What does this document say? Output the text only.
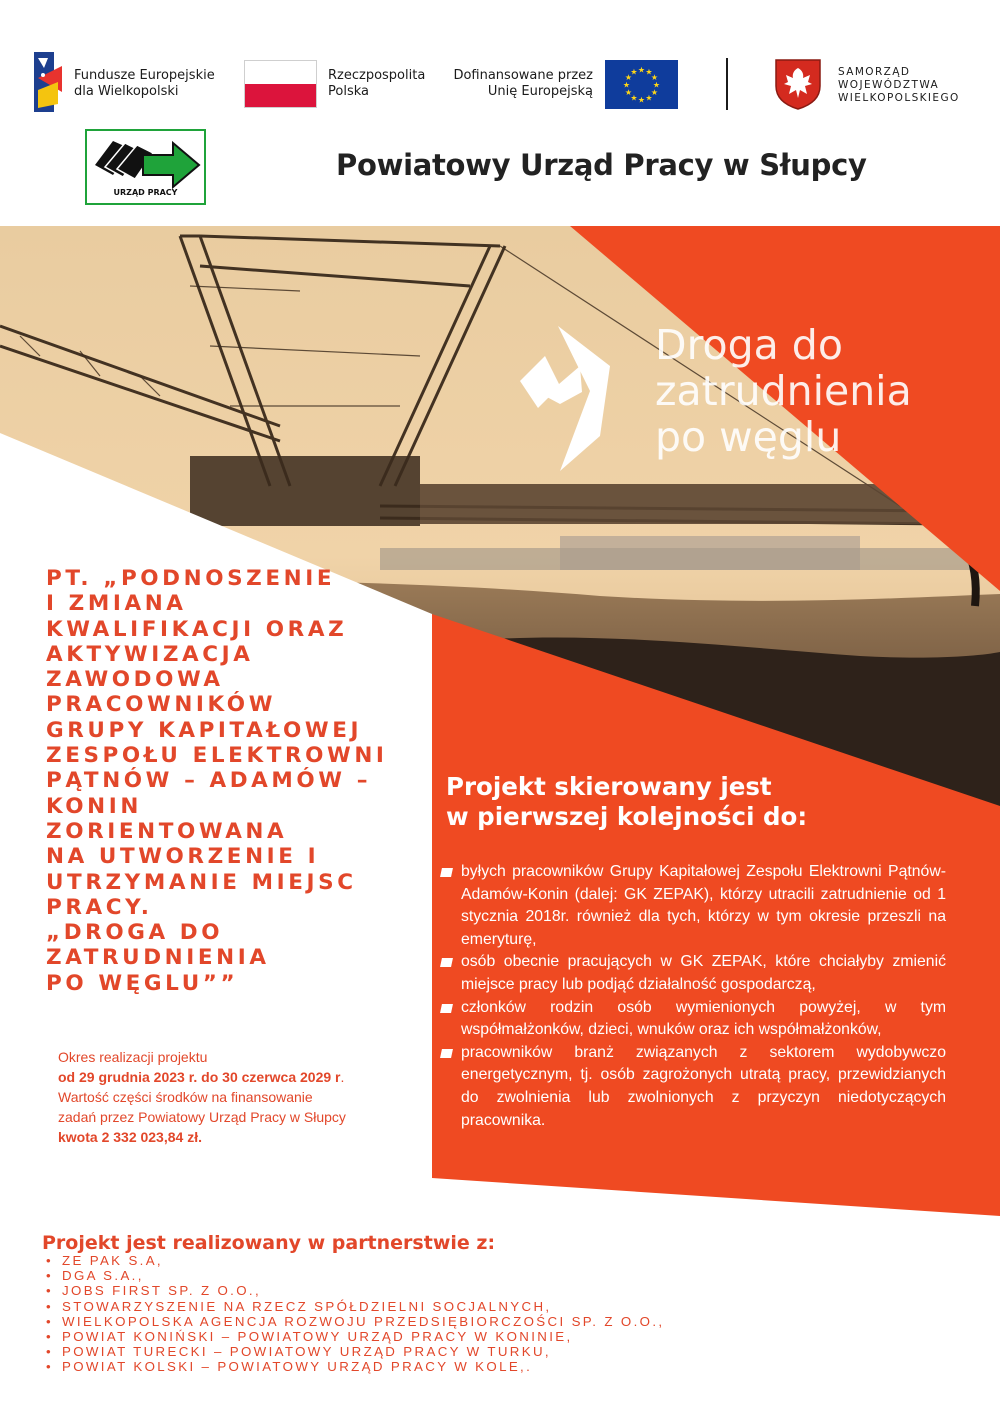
Fundusze Europejskie
dla Wielkopolski
Rzeczpospolita
Polska
Dofinansowane przez
Unię Europejską	★
★
★
★
★
★
★
★
★ ★ ★
★	SAMORZĄD
WOJEWÓDZTWA
WIELKOPOLSKIEGO
URZĄD PRACY
Powiatowy Urząd Pracy w Słupcy
Droga do
zatrudnienia
po węglu
PT. „PODNOSZENIE
I ZMIANA
KWALIFIKACJI ORAZ
AKTYWIZACJA
ZAWODOWA
PRACOWNIKÓW
GRUPY KAPITAŁOWEJ
ZESPOŁU ELEKTROWNI
PĄTNÓW – ADAMÓW –
KONIN
ZORIENTOWANA
NA UTWORZENIE I
UTRZYMANIE MIEJSC
PRACY.
„DROGA DO
ZATRUDNIENIA
PO WĘGLU””
Okres realizacji projektu
od 29 grudnia 2023 r. do 30 czerwca 2029 r.
Wartość części środków na finansowanie
zadań przez Powiatowy Urząd Pracy w Słupcy
kwota 2 332 023,84 zł.
Projekt skierowany jest
w pierwszej kolejności do:
byłych pracowników Grupy Kapitałowej Zespołu Elektrowni Pątnów-Adamów-Konin (dalej: GK ZEPAK), którzy utracili zatrudnienie od 1 stycznia 2018r. również dla tych, którzy w tym okresie przeszli na emeryturę,
osób obecnie pracujących w GK ZEPAK, które chciałyby zmienić miejsce pracy lub podjąć działalność gospodarczą,
członków rodzin osób wymienionych powyżej, w tym współmałżonków, dzieci, wnuków oraz ich współmałżonków,
pracowników branż związanych z sektorem wydobywczo energetycznym, tj. osób zagrożonych utratą pracy, przewidzianych do zwolnienia lub zwolnionych z przyczyn niedotyczących pracownika.
Projekt jest realizowany w partnerstwie z:
• ZE PAK S.A,
• DGA S.A.,
• JOBS FIRST SP. Z O.O.,
• STOWARZYSZENIE NA RZECZ SPÓŁDZIELNI SOCJALNYCH,
• WIELKOPOLSKA AGENCJA ROZWOJU PRZEDSIĘBIORCZOŚCI SP. Z O.O.,
• POWIAT KONIŃSKI – POWIATOWY URZĄD PRACY W KONINIE,
• POWIAT TURECKI – POWIATOWY URZĄD PRACY W TURKU,
• POWIAT KOLSKI – POWIATOWY URZĄD PRACY W KOLE,.
